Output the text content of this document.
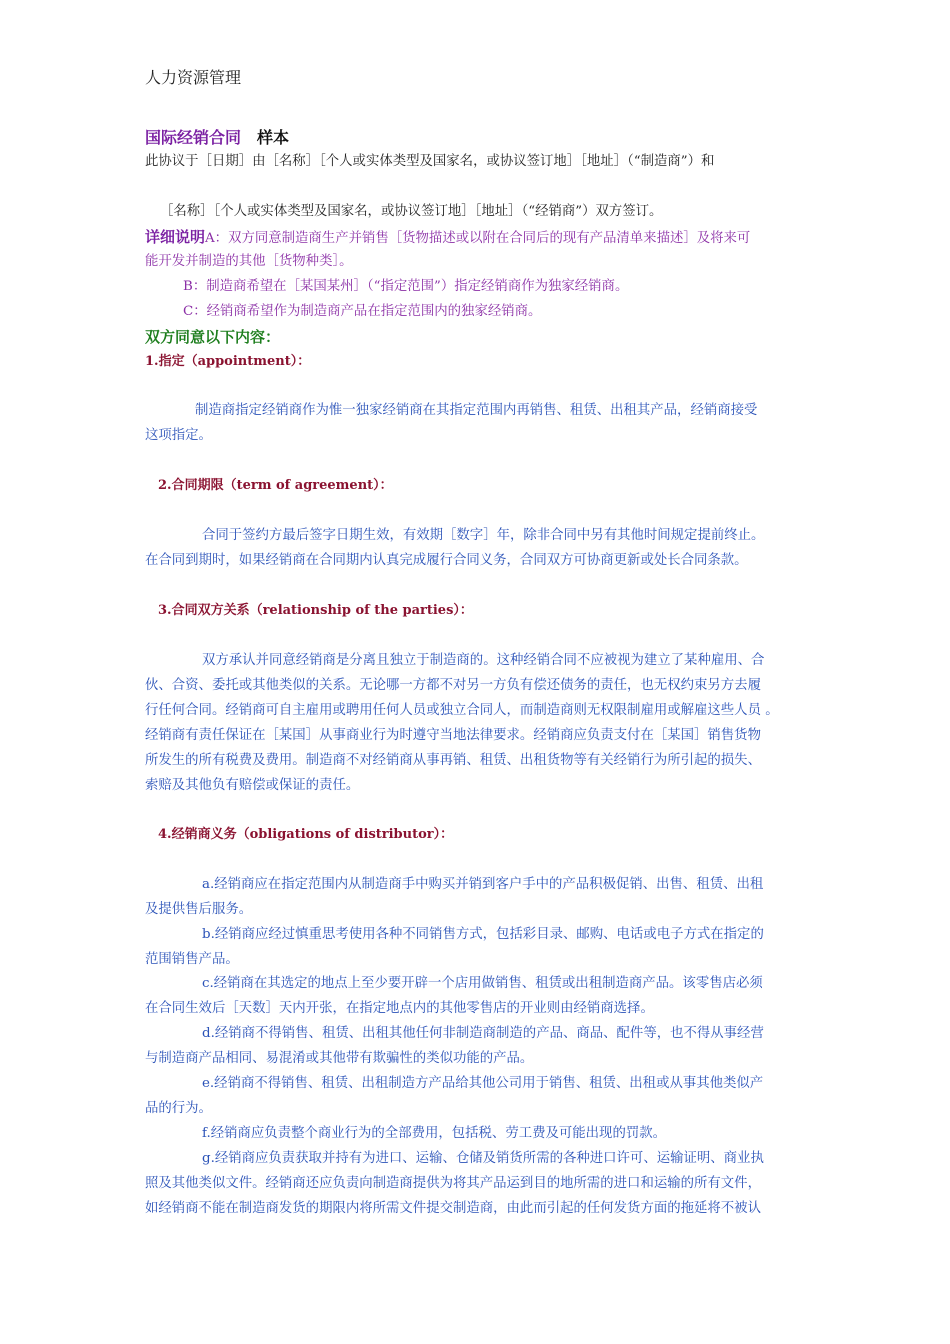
人力资源管理
国际经销合同 样本
此协议于［日期］由［名称］［个人或实体类型及国家名，或协议签订地］［地址］（“制造商”）和
［名称］［个人或实体类型及国家名，或协议签订地］［地址］（“经销商”）双方签订。
详细说明A：双方同意制造商生产并销售［货物描述或以附在合同后的现有产品清单来描述］及将来可
能开发并制造的其他［货物种类］。
B：制造商希望在［某国某州］（“指定范围”）指定经销商作为独家经销商。
C：经销商希望作为制造商产品在指定范围内的独家经销商。
双方同意以下内容：
1.指定（appointment）：
制造商指定经销商作为惟一独家经销商在其指定范围内再销售、租赁、出租其产品，经销商接受
这项指定。
2.合同期限（term of agreement）：
合同于签约方最后签字日期生效，有效期［数字］年，除非合同中另有其他时间规定提前终止。
在合同到期时，如果经销商在合同期内认真完成履行合同义务，合同双方可协商更新或处长合同条款。
3.合同双方关系（relationship of the parties）：
双方承认并同意经销商是分离且独立于制造商的。这种经销合同不应被视为建立了某种雇用、合
伙、合资、委托或其他类似的关系。无论哪一方都不对另一方负有偿还债务的责任，也无权约束另方去履
行任何合同。经销商可自主雇用或聘用任何人员或独立合同人，而制造商则无权限制雇用或解雇这些人员 。
经销商有责任保证在［某国］从事商业行为时遵守当地法律要求。经销商应负责支付在［某国］销售货物
所发生的所有税费及费用。制造商不对经销商从事再销、租赁、出租货物等有关经销行为所引起的损失、
索赔及其他负有赔偿或保证的责任。
4.经销商义务（obligations of distributor）：
a.经销商应在指定范围内从制造商手中购买并销到客户手中的产品积极促销、出售、租赁、出租
及提供售后服务。
b.经销商应经过慎重思考使用各种不同销售方式，包括彩目录、邮购、电话或电子方式在指定的
范围销售产品。
c.经销商在其选定的地点上至少要开辟一个店用做销售、租赁或出租制造商产品。该零售店必须
在合同生效后［天数］天内开张，在指定地点内的其他零售店的开业则由经销商选择。
d.经销商不得销售、租赁、出租其他任何非制造商制造的产品、商品、配件等，也不得从事经营
与制造商产品相同、易混淆或其他带有欺骗性的类似功能的产品。
e.经销商不得销售、租赁、出租制造方产品给其他公司用于销售、租赁、出租或从事其他类似产
品的行为。
f.经销商应负责整个商业行为的全部费用，包括税、劳工费及可能出现的罚款。
g.经销商应负责获取并持有为进口、运输、仓储及销货所需的各种进口许可、运输证明、商业执
照及其他类似文件。经销商还应负责向制造商提供为将其产品运到目的地所需的进口和运输的所有文件，
如经销商不能在制造商发货的期限内将所需文件提交制造商，由此而引起的任何发货方面的拖延将不被认
